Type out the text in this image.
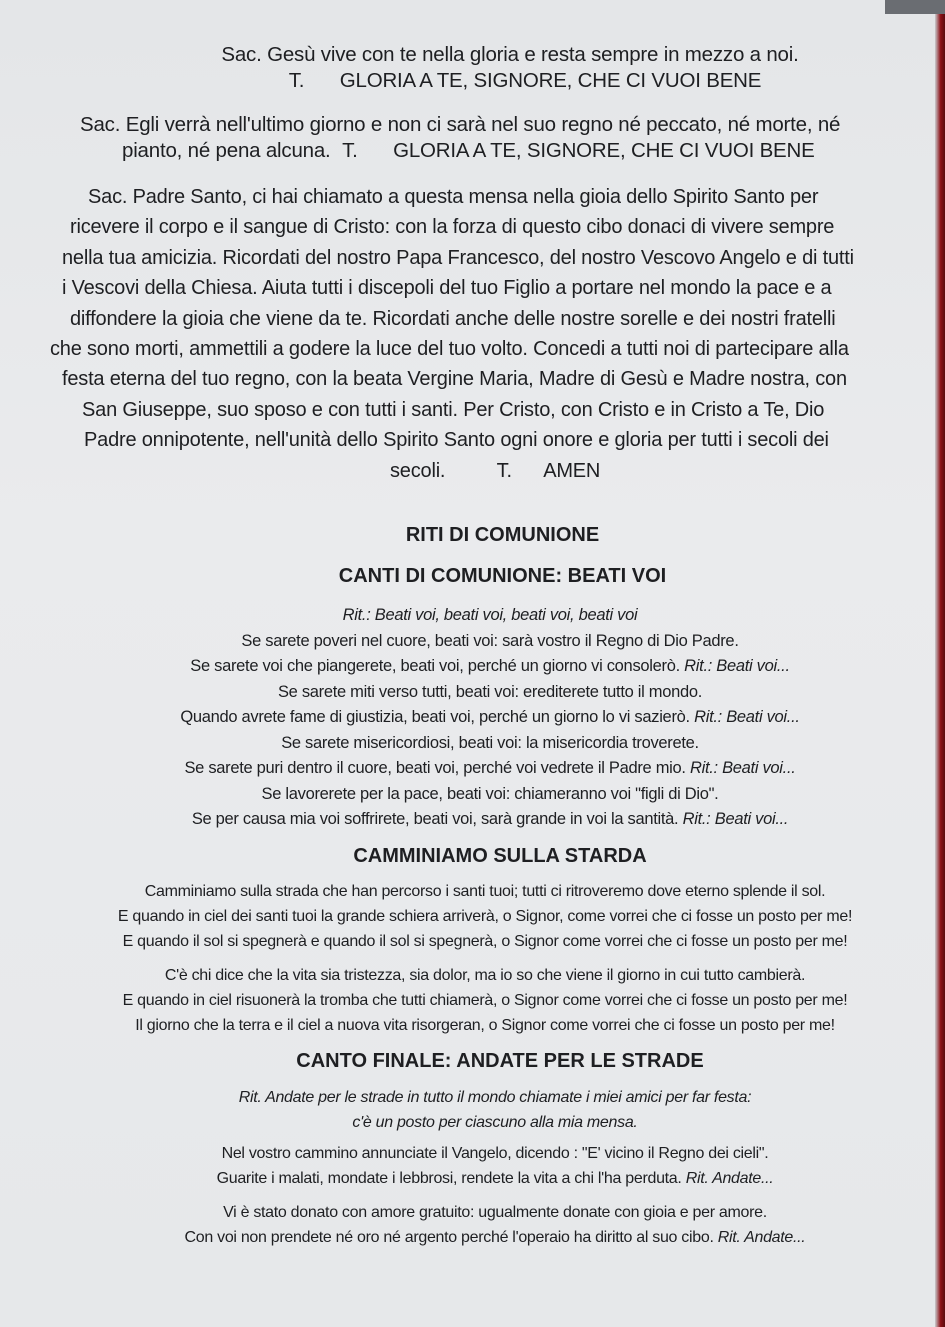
Sac. Gesù vive con te nella gloria e resta sempre in mezzo a noi.

T. GLORIA A TE, SIGNORE, CHE CI VUOI BENE

Sac. Egli verrà nell'ultimo giorno e non ci sarà nel suo regno né peccato, né morte, né

pianto, né pena alcuna. T. GLORIA A TE, SIGNORE, CHE CI VUOI BENE

Sac. Padre Santo, ci hai chiamato a questa mensa nella gioia dello Spirito Santo per

ricevere il corpo e il sangue di Cristo: con la forza di questo cibo donaci di vivere sempre

nella tua amicizia. Ricordati del nostro Papa Francesco, del nostro Vescovo Angelo e di tutti

i Vescovi della Chiesa. Aiuta tutti i discepoli del tuo Figlio a portare nel mondo la pace e a

diffondere la gioia che viene da te. Ricordati anche delle nostre sorelle e dei nostri fratelli

che sono morti, ammettili a godere la luce del tuo volto. Concedi a tutti noi di partecipare alla

festa eterna del tuo regno, con la beata Vergine Maria, Madre di Gesù e Madre nostra, con

San Giuseppe, suo sposo e con tutti i santi. Per Cristo, con Cristo e in Cristo a Te, Dio

Padre onnipotente, nell'unità dello Spirito Santo ogni onore e gloria per tutti i secoli dei

secoli.	T. AMEN

RITI DI COMUNIONE
CANTI DI COMUNIONE: BEATI VOI

Rit.: Beati voi, beati voi, beati voi, beati voi

Se sarete poveri nel cuore, beati voi: sarà vostro il Regno di Dio Padre.

Se sarete voi che piangerete, beati voi, perché un giorno vi consolerò. Rit.: Beati voi...

Se sarete miti verso tutti, beati voi: erediterete tutto il mondo.

Quando avrete fame di giustizia, beati voi, perché un giorno lo vi sazierò. Rit.: Beati voi...

Se sarete misericordiosi, beati voi: la misericordia troverete.

Se sarete puri dentro il cuore, beati voi, perché voi vedrete il Padre mio. Rit.: Beati voi...

Se lavorerete per la pace, beati voi: chiameranno voi "figli di Dio".

Se per causa mia voi soffrirete, beati voi, sarà grande in voi la santità. Rit.: Beati voi...

CAMMINIAMO SULLA STARDA

Camminiamo sulla strada che han percorso i santi tuoi; tutti ci ritroveremo dove eterno splende il sol.

E quando in ciel dei santi tuoi la grande schiera arriverà, o Signor, come vorrei che ci fosse un posto per me!

E quando il sol si spegnerà e quando il sol si spegnerà, o Signor come vorrei che ci fosse un posto per me!

C'è chi dice che la vita sia tristezza, sia dolor, ma io so che viene il giorno in cui tutto cambierà.

E quando in ciel risuonerà la tromba che tutti chiamerà, o Signor come vorrei che ci fosse un posto per me!

Il giorno che la terra e il ciel a nuova vita risorgeran, o Signor come vorrei che ci fosse un posto per me!

CANTO FINALE: ANDATE PER LE STRADE

Rit. Andate per le strade in tutto il mondo chiamate i miei amici per far festa:

c'è un posto per ciascuno alla mia mensa.

Nel vostro cammino annunciate il Vangelo, dicendo : "E' vicino il Regno dei cieli".

Guarite i malati, mondate i lebbrosi, rendete la vita a chi l'ha perduta. Rit. Andate...

Vi è stato donato con amore gratuito: ugualmente donate con gioia e per amore.

Con voi non prendete né oro né argento perché l'operaio ha diritto al suo cibo. Rit. Andate...
